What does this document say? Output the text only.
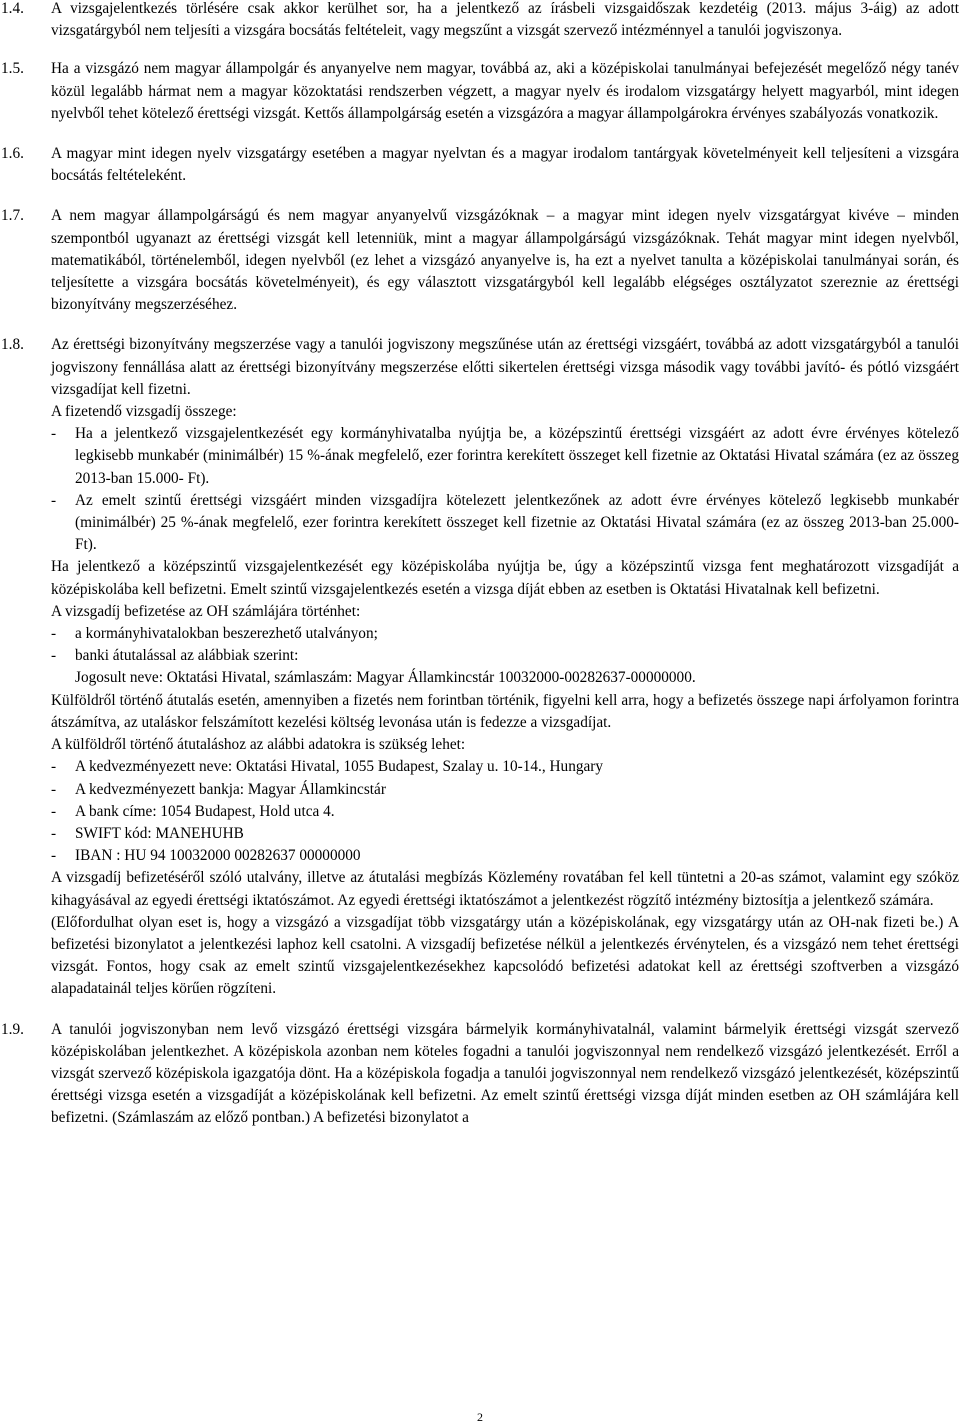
1.4.	A vizsgajelentkezés törlésére csak akkor kerülhet sor, ha a jelentkező az írásbeli vizsgaidőszak kezdetéig (2013. május 3-áig) az adott vizsgatárgyból nem teljesíti a vizsgára bocsátás feltételeit, vagy megszűnt a vizsgát szervező intézménnyel a tanulói jogviszonya.
1.5.	Ha a vizsgázó nem magyar állampolgár és anyanyelve nem magyar, továbbá az, aki a középiskolai tanulmányai befejezését megelőző négy tanév közül legalább hármat nem a magyar közoktatási rendszerben végzett, a magyar nyelv és irodalom vizsgatárgy helyett magyarból, mint idegen nyelvből tehet kötelező érettségi vizsgát. Kettős állampolgárság esetén a vizsgázóra a magyar állampolgárokra érvényes szabályozás vonatkozik.
1.6.	A magyar mint idegen nyelv vizsgatárgy esetében a magyar nyelvtan és a magyar irodalom tantárgyak követelményeit kell teljesíteni a vizsgára bocsátás feltételeként.
1.7.	A nem magyar állampolgárságú és nem magyar anyanyelvű vizsgázóknak – a magyar mint idegen nyelv vizsgatárgyat kivéve – minden szempontból ugyanazt az érettségi vizsgát kell letenniük, mint a magyar állampolgárságú vizsgázóknak. Tehát magyar mint idegen nyelvből, matematikából, történelemből, idegen nyelvből (ez lehet a vizsgázó anyanyelve is, ha ezt a nyelvet tanulta a középiskolai tanulmányai során, és teljesítette a vizsgára bocsátás követelményeit), és egy választott vizsgatárgyból kell legalább elégséges osztályzatot szereznie az érettségi bizonyítvány megszerzéséhez.
1.8.	Az érettségi bizonyítvány megszerzése vagy a tanulói jogviszony megszűnése után az érettségi vizsgáért, továbbá az adott vizsgatárgyból a tanulói jogviszony fennállása alatt az érettségi bizonyítvány megszerzése előtti sikertelen érettségi vizsga második vagy további javító- és pótló vizsgáért vizsgadíjat kell fizetni.
A fizetendő vizsgadíj összege:
-	Ha a jelentkező vizsgajelentkezését egy kormányhivatalba nyújtja be, a középszintű érettségi vizsgáért az adott évre érvényes kötelező legkisebb munkabér (minimálbér) 15 %-ának megfelelő, ezer forintra kerekített összeget kell fizetnie az Oktatási Hivatal számára (ez az összeg 2013-ban 15.000- Ft).
-	Az emelt szintű érettségi vizsgáért minden vizsgadíjra kötelezett jelentkezőnek az adott évre érvényes kötelező legkisebb munkabér (minimálbér) 25 %-ának megfelelő, ezer forintra kerekített összeget kell fizetnie az Oktatási Hivatal számára (ez az összeg 2013-ban 25.000- Ft).
Ha jelentkező a középszintű vizsgajelentkezését egy középiskolába nyújtja be, úgy a középszintű vizsga fent meghatározott vizsgadíját a középiskolába kell befizetni. Emelt szintű vizsgajelentkezés esetén a vizsga díját ebben az esetben is Oktatási Hivatalnak kell befizetni.
A vizsgadíj befizetése az OH számlájára történhet:
-	a kormányhivatalokban beszerezhető utalványon;
-	banki átutalással az alábbiak szerint:
Jogosult neve: Oktatási Hivatal, számlaszám: Magyar Államkincstár 10032000-00282637-00000000.
Külföldről történő átutalás esetén, amennyiben a fizetés nem forintban történik, figyelni kell arra, hogy a befizetés összege napi árfolyamon forintra átszámítva, az utaláskor felszámított kezelési költség levonása után is fedezze a vizsgadíjat.
A külföldről történő átutaláshoz az alábbi adatokra is szükség lehet:
-	A kedvezményezett neve: Oktatási Hivatal, 1055 Budapest, Szalay u. 10-14., Hungary
-	A kedvezményezett bankja: Magyar Államkincstár
-	A bank címe: 1054 Budapest, Hold utca 4.
-	SWIFT kód: MANEHUHB
-	IBAN : HU 94 10032000 00282637 00000000
A vizsgadíj befizetéséről szóló utalvány, illetve az átutalási megbízás Közlemény rovatában fel kell tüntetni a 20-as számot, valamint egy szóköz kihagyásával az egyedi érettségi iktatószámot. Az egyedi érettségi iktatószámot a jelentkezést rögzítő intézmény biztosítja a jelentkező számára.
(Előfordulhat olyan eset is, hogy a vizsgázó a vizsgadíjat több vizsgatárgy után a középiskolának, egy vizsgatárgy után az OH-nak fizeti be.) A befizetési bizonylatot a jelentkezési laphoz kell csatolni. A vizsgadíj befizetése nélkül a jelentkezés érvénytelen, és a vizsgázó nem tehet érettségi vizsgát. Fontos, hogy csak az emelt szintű vizsgajelentkezésekhez kapcsolódó befizetési adatokat kell az érettségi szoftverben a vizsgázó alapadatainál teljes körűen rögzíteni.
1.9.	A tanulói jogviszonyban nem levő vizsgázó érettségi vizsgára bármelyik kormányhivatalnál, valamint bármelyik érettségi vizsgát szervező középiskolában jelentkezhet. A középiskola azonban nem köteles fogadni a tanulói jogviszonnyal nem rendelkező vizsgázó jelentkezését. Erről a vizsgát szervező középiskola igazgatója dönt. Ha a középiskola fogadja a tanulói jogviszonnyal nem rendelkező vizsgázó jelentkezését, középszintű érettségi vizsga esetén a vizsgadíját a középiskolának kell befizetni. Az emelt szintű érettségi vizsga díját minden esetben az OH számlájára kell befizetni. (Számlaszám az előző pontban.) A befizetési bizonylatot a
2
